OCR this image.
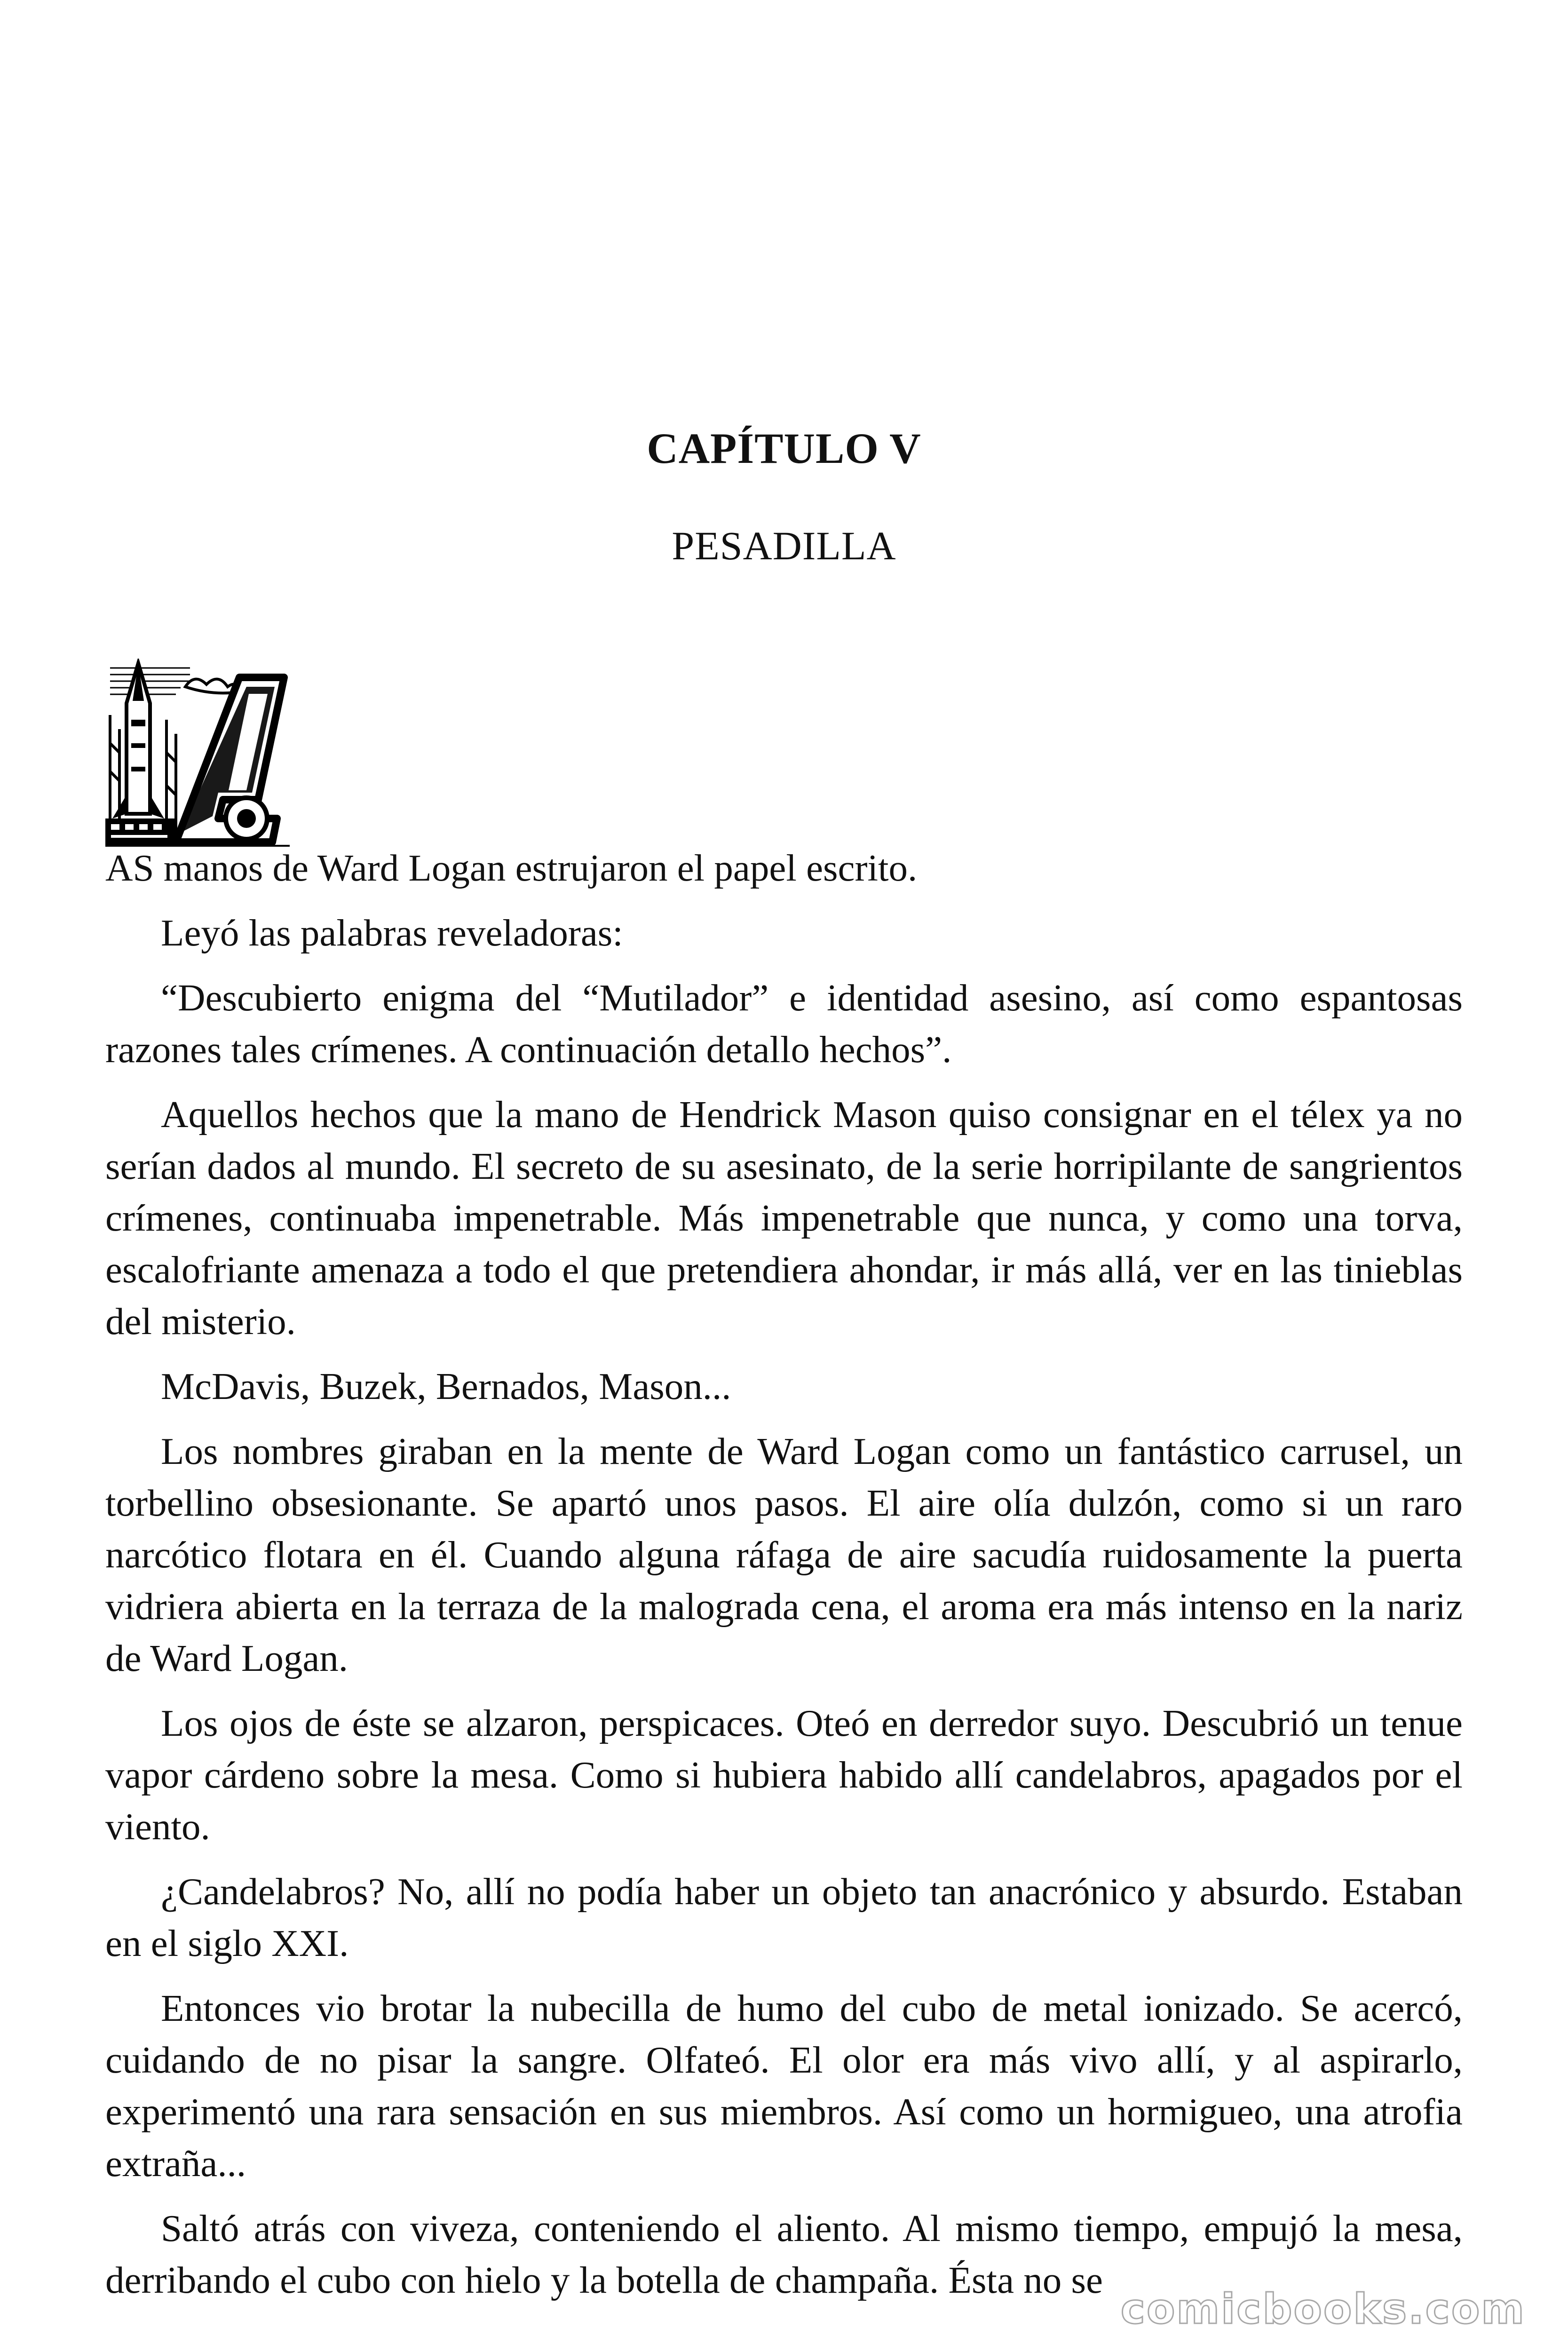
CAPÍTULO V
PESADILLA

AS manos de Ward Logan estrujaron el papel escrito.

Leyó las palabras reveladoras:

“Descubierto enigma del “Mutilador” e identidad asesino, así como espantosas razones tales crímenes. A continuación detallo hechos”.

Aquellos hechos que la mano de Hendrick Mason quiso consignar en el télex ya no serían dados al mundo. El secreto de su asesinato, de la serie horripilante de sangrientos crímenes, continuaba impenetrable. Más impenetrable que nunca, y como una torva, escalofriante amenaza a todo el que pretendiera ahondar, ir más allá, ver en las tinieblas del misterio.

McDavis, Buzek, Bernados, Mason...

Los nombres giraban en la mente de Ward Logan como un fantástico carrusel, un torbellino obsesionante. Se apartó unos pasos. El aire olía dulzón, como si un raro narcótico flotara en él. Cuando alguna ráfaga de aire sacudía ruidosamente la puerta vidriera abierta en la terraza de la malograda cena, el aroma era más intenso en la nariz de Ward Logan.

Los ojos de éste se alzaron, perspicaces. Oteó en derredor suyo. Descubrió un tenue vapor cárdeno sobre la mesa. Como si hubiera habido allí candelabros, apagados por el viento.

¿Candelabros? No, allí no podía haber un objeto tan anacrónico y absurdo. Estaban en el siglo XXI.

Entonces vio brotar la nubecilla de humo del cubo de metal ionizado. Se acercó, cuidando de no pisar la sangre. Olfateó. El olor era más vivo allí, y al aspirarlo, experimentó una rara sensación en sus miembros. Así como un hormigueo, una atrofia extraña...

Saltó atrás con viveza, conteniendo el aliento. Al mismo tiempo, empujó la mesa, derribando el cubo con hielo y la botella de champaña. Ésta no se

comicbooks.com
